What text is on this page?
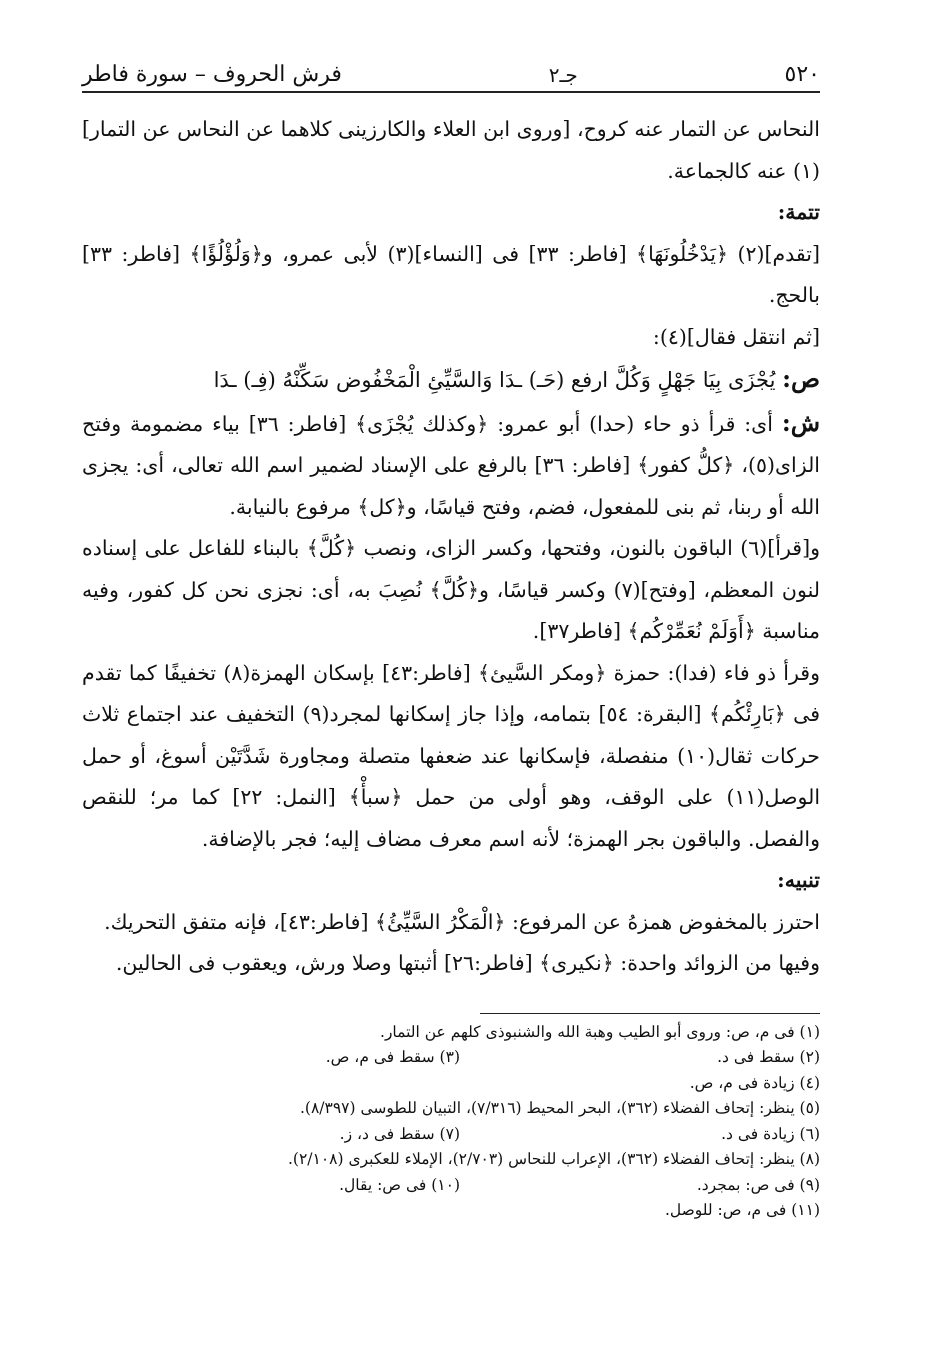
٥٢٠
جـ٢
فرش الحروف – سورة فاطر

النحاس عن التمار عنه كروح، [وروى ابن العلاء والكارزينى كلاهما عن النحاس عن التمار](١) عنه كالجماعة.

تتمة:

[تقدم](٢) ﴿يَدْخُلُونَهَا﴾ [فاطر: ٣٣] فى [النساء](٣) لأبى عمرو، و﴿وَلُؤْلُؤًا﴾ [فاطر: ٣٣] بالحج.

[ثم انتقل فقال](٤):

ص: يُجْزَى بِيَا جَهْلٍ وَكُلَّ ارفع (حَـ) ـدَا وَالسَّيِّئِ الْمَخْفُوض سَكِّنْهُ (فِـ) ـدَا

ش: أى: قرأ ذو حاء (حدا) أبو عمرو: ﴿وكذلك يُجْزَى﴾ [فاطر: ٣٦] بياء مضمومة وفتح الزاى(٥)، ﴿كلُّ كفور﴾ [فاطر: ٣٦] بالرفع على الإسناد لضمير اسم الله تعالى، أى: يجزى الله أو ربنا، ثم بنى للمفعول، فضم، وفتح قياسًا، و﴿كل﴾ مرفوع بالنيابة.

و[قرأ](٦) الباقون بالنون، وفتحها، وكسر الزاى، ونصب ﴿كُلَّ﴾ بالبناء للفاعل على إسناده لنون المعظم، [وفتح](٧) وكسر قياسًا، و﴿كُلَّ﴾ نُصِبَ به، أى: نجزى نحن كل كفور، وفيه مناسبة ﴿أَوَلَمْ نُعَمِّرْكُم﴾ [فاطر٣٧].

وقرأ ذو فاء (فدا): حمزة ﴿ومكر السَّيئ﴾ [فاطر:٤٣] بإسكان الهمزة(٨) تخفيفًا كما تقدم فى ﴿بَارِئْكُم﴾ [البقرة: ٥٤] بتمامه، وإذا جاز إسكانها لمجرد(٩) التخفيف عند اجتماع ثلاث حركات ثقال(١٠) منفصلة، فإسكانها عند ضعفها متصلة ومجاورة شَدَّتَيْن أسوغ، أو حمل الوصل(١١) على الوقف، وهو أولى من حمل ﴿سبأْ﴾ [النمل: ٢٢] كما مر؛ للنقص والفصل. والباقون بجر الهمزة؛ لأنه اسم معرف مضاف إليه؛ فجر بالإضافة.

تنبيه:

احترز بالمخفوض همزهُ عن المرفوع: ﴿الْمَكْرُ السَّيِّئُ﴾ [فاطر:٤٣]، فإنه متفق التحريك.

وفيها من الزوائد واحدة: ﴿نكيرى﴾ [فاطر:٢٦] أثبتها وصلا ورش، ويعقوب فى الحالين.

(١) فى م، ص: وروى أبو الطيب وهبة الله والشنبوذى كلهم عن التمار.
(٢) سقط فى د.
(٣) سقط فى م، ص.
(٤) زيادة فى م، ص.
(٥) ينظر: إتحاف الفضلاء (٣٦٢)، البحر المحيط (٧/٣١٦)، التبيان للطوسى (٨/٣٩٧).
(٦) زيادة فى د.
(٧) سقط فى د، ز.
(٨) ينظر: إتحاف الفضلاء (٣٦٢)، الإعراب للنحاس (٢/٧٠٣)، الإملاء للعكبرى (٢/١٠٨).
(٩) فى ص: بمجرد.
(١٠) فى ص: يقال.
(١١) فى م، ص: للوصل.
